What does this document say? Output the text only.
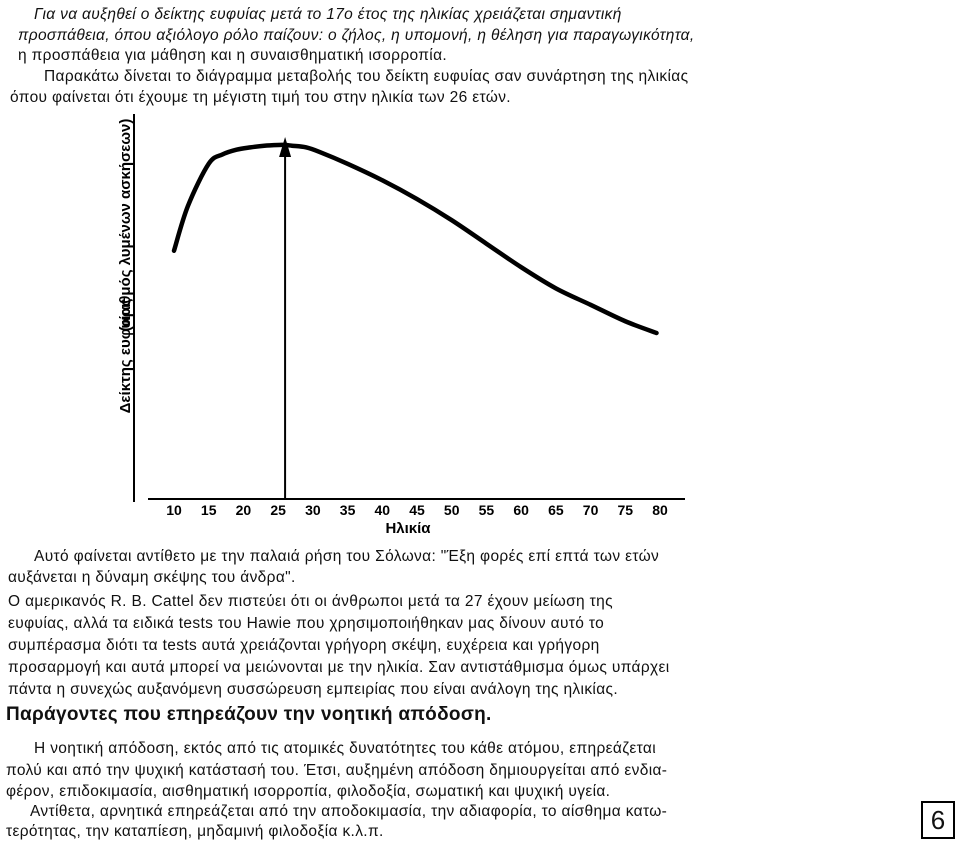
Για να αυξηθεί ο δείκτης ευφυίας μετά το 17ο έτος της ηλικίας χρειάζεται σημαντική
προσπάθεια, όπου αξιόλογο ρόλο παίζουν: ο ζήλος, η υπομονή, η θέληση για παραγωγικότητα,
η προσπάθεια για μάθηση και η συναισθηματική ισορροπία.
Παρακάτω δίνεται το διάγραμμα μεταβολής του δείκτη ευφυίας σαν συνάρτηση της ηλικίας
όπου φαίνεται ότι έχουμε τη μέγιστη τιμή του στην ηλικία των 26 ετών.
Δείκτης ευφυίας
(αριθμός λυμένων ασκήσεων)
10 15 20 25 30 35 40 45 50 55 60 65 70 75 80
Ηλικία
Αυτό φαίνεται αντίθετο με την παλαιά ρήση του Σόλωνα: "Έξη φορές επί επτά των ετών
αυξάνεται η δύναμη σκέψης του άνδρα".
Ο αμερικανός R. B. Cattel δεν πιστεύει ότι οι άνθρωποι μετά τα 27 έχουν μείωση της
ευφυίας, αλλά τα ειδικά tests του Hawie που χρησιμοποιήθηκαν μας δίνουν αυτό το
συμπέρασμα διότι τα tests αυτά χρειάζονται γρήγορη σκέψη, ευχέρεια και γρήγορη
προσαρμογή και αυτά μπορεί να μειώνονται με την ηλικία. Σαν αντιστάθμισμα όμως υπάρχει
πάντα η συνεχώς αυξανόμενη συσσώρευση εμπειρίας που είναι ανάλογη της ηλικίας.
Παράγοντες που επηρεάζουν την νοητική απόδοση.
Η νοητική απόδοση, εκτός από τις ατομικές δυνατότητες του κάθε ατόμου, επηρεάζεται
πολύ και από την ψυχική κατάστασή του. Έτσι, αυξημένη απόδοση δημιουργείται από ενδια-
φέρον, επιδοκιμασία, αισθηματική ισορροπία, φιλοδοξία, σωματική και ψυχική υγεία.
Αντίθετα, αρνητικά επηρεάζεται από την αποδοκιμασία, την αδιαφορία, το αίσθημα κατω-
τερότητας, την καταπίεση, μηδαμινή φιλοδοξία κ.λ.π.	6
